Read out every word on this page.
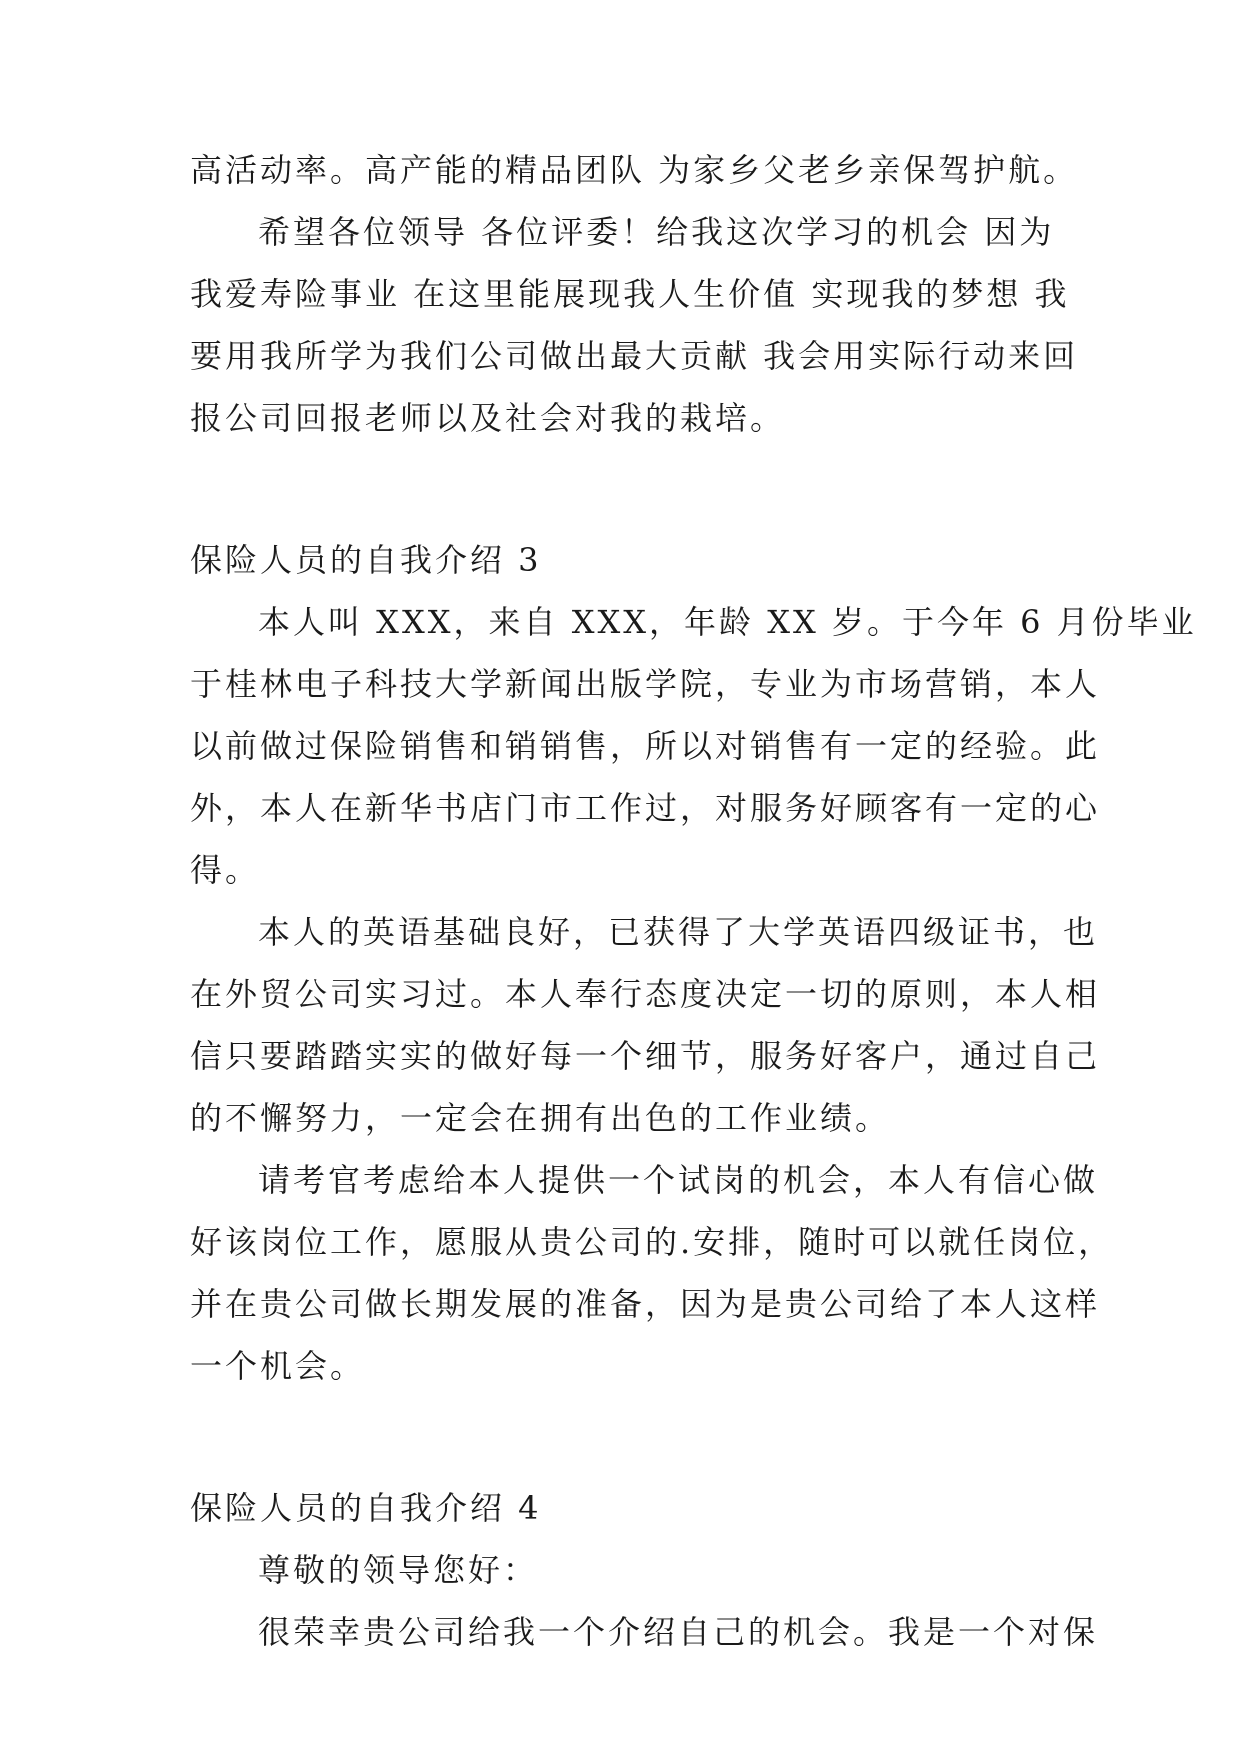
高活动率。高产能的精品团队 为家乡父老乡亲保驾护航。
希望各位领导 各位评委！给我这次学习的机会 因为
我爱寿险事业 在这里能展现我人生价值 实现我的梦想 我
要用我所学为我们公司做出最大贡献 我会用实际行动来回
报公司回报老师以及社会对我的栽培。
保险人员的自我介绍 3
本人叫 XXX，来自 XXX，年龄 XX 岁。于今年 6 月份毕业
于桂林电子科技大学新闻出版学院，专业为市场营销，本人
以前做过保险销售和销销售，所以对销售有一定的经验。此
外，本人在新华书店门市工作过，对服务好顾客有一定的心
得。
本人的英语基础良好，已获得了大学英语四级证书，也
在外贸公司实习过。本人奉行态度决定一切的原则，本人相
信只要踏踏实实的做好每一个细节，服务好客户，通过自己
的不懈努力，一定会在拥有出色的工作业绩。
请考官考虑给本人提供一个试岗的机会，本人有信心做
好该岗位工作，愿服从贵公司的.安排，随时可以就任岗位，
并在贵公司做长期发展的准备，因为是贵公司给了本人这样
一个机会。
保险人员的自我介绍 4
尊敬的领导您好：
很荣幸贵公司给我一个介绍自己的机会。我是一个对保
